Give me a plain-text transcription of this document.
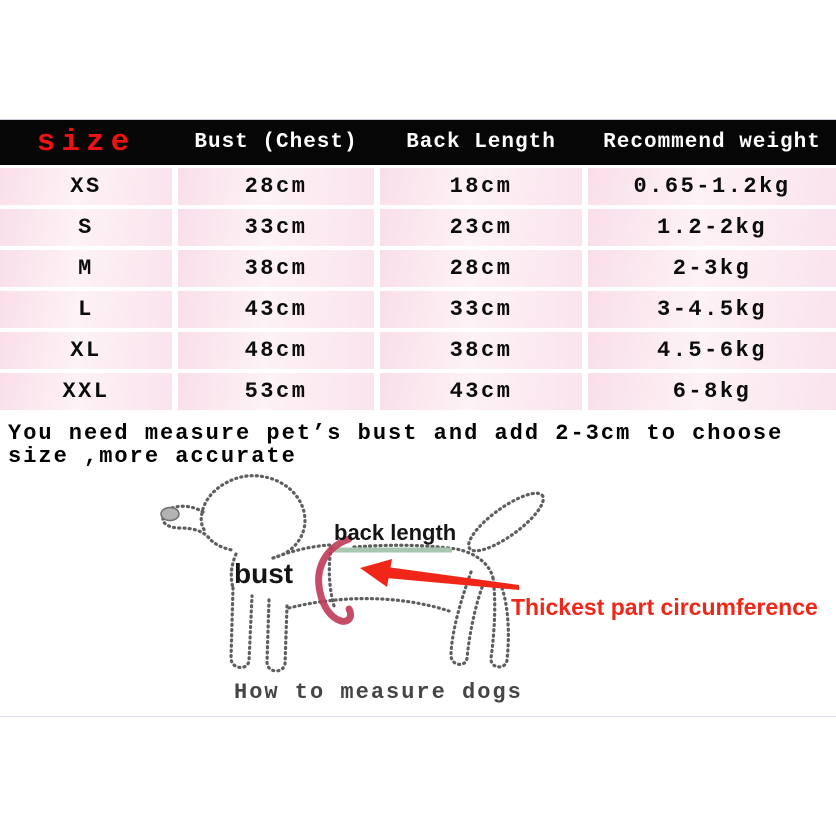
size	Bust (Chest)	Back Length	Recommend weight
XS	28cm	18cm	0.65-1.2kg
S	33cm	23cm	1.2-2kg
M	38cm	28cm	2-3kg
L	43cm	33cm	3-4.5kg
XL	48cm	38cm	4.5-6kg
XXL	53cm	43cm	6-8kg
You need measure pet’s bust and add 2-3cm to choose
size ,more accurate
back length
bust
Thickest part circumference
How to measure dogs
